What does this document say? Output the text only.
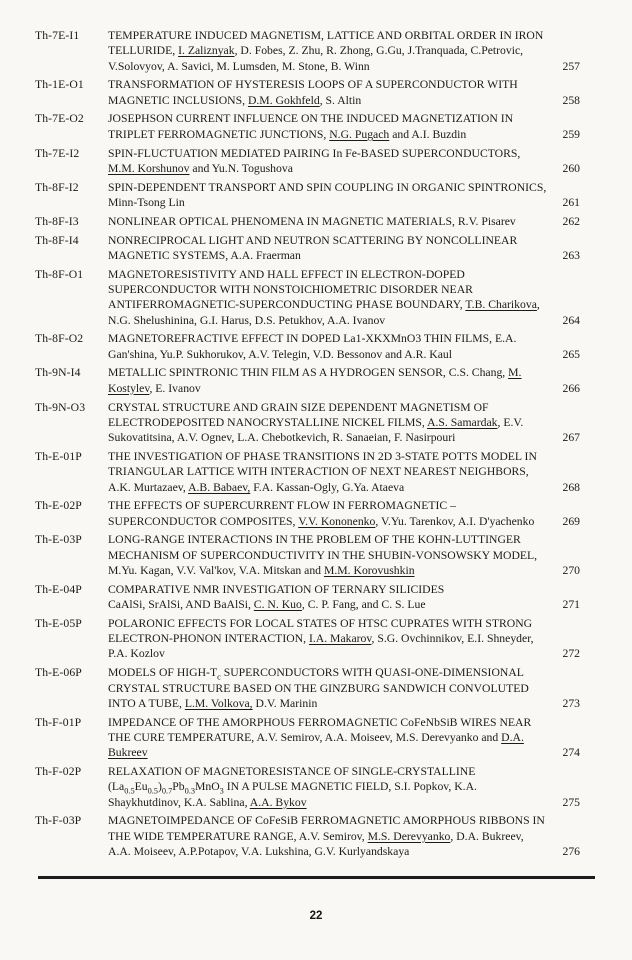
Th-7E-I1	TEMPERATURE INDUCED MAGNETISM, LATTICE AND ORBITAL ORDER IN IRON
TELLURIDE, I. Zaliznyak, D. Fobes, Z. Zhu, R. Zhong, G.Gu, J.Tranquada, C.Petrovic,
V.Solovyov, A. Savici, M. Lumsden, M. Stone, B. Winn	257
Th-1E-O1	TRANSFORMATION OF HYSTERESIS LOOPS OF A SUPERCONDUCTOR WITH
MAGNETIC INCLUSIONS, D.M. Gokhfeld, S. Altin	258
Th-7E-O2	JOSEPHSON CURRENT INFLUENCE ON THE INDUCED MAGNETIZATION IN
TRIPLET FERROMAGNETIC JUNCTIONS, N.G. Pugach and A.I. Buzdin	259
Th-7E-I2	SPIN-FLUCTUATION MEDIATED PAIRING In Fe-BASED SUPERCONDUCTORS,
M.M. Korshunov and Yu.N. Togushova	260
Th-8F-I2	SPIN-DEPENDENT TRANSPORT AND SPIN COUPLING IN ORGANIC SPINTRONICS,
Minn-Tsong Lin	261
Th-8F-I3	NONLINEAR OPTICAL PHENOMENA IN MAGNETIC MATERIALS, R.V. Pisarev	262
Th-8F-I4	NONRECIPROCAL LIGHT AND NEUTRON SCATTERING BY NONCOLLINEAR
MAGNETIC SYSTEMS, A.A. Fraerman	263
Th-8F-O1	MAGNETORESISTIVITY AND HALL EFFECT IN ELECTRON-DOPED
SUPERCONDUCTOR WITH NONSTOICHIOMETRIC DISORDER NEAR
ANTIFERROMAGNETIC-SUPERCONDUCTING PHASE BOUNDARY, T.B. Charikova,
N.G. Shelushinina, G.I. Harus, D.S. Petukhov, A.A. Ivanov	264
Th-8F-O2	MAGNETOREFRACTIVE EFFECT IN DOPED La1-XKXMnO3 THIN FILMS, E.A.
Gan'shina, Yu.P. Sukhorukov, A.V. Telegin, V.D. Bessonov and A.R. Kaul	265
Th-9N-I4	METALLIC SPINTRONIC THIN FILM AS A HYDROGEN SENSOR, C.S. Chang, M.
Kostylev, E. Ivanov	266
Th-9N-O3	CRYSTAL STRUCTURE AND GRAIN SIZE DEPENDENT MAGNETISM OF
ELECTRODEPOSITED NANOCRYSTALLINE NICKEL FILMS, A.S. Samardak, E.V.
Sukovatitsina, A.V. Ognev, L.A. Chebotkevich, R. Sanaeian, F. Nasirpouri	267
Th-E-01P	THE INVESTIGATION OF PHASE TRANSITIONS IN 2D 3-STATE POTTS MODEL IN
TRIANGULAR LATTICE WITH INTERACTION OF NEXT NEAREST NEIGHBORS,
A.K. Murtazaev, A.B. Babaev, F.A. Kassan-Ogly, G.Ya. Ataeva	268
Th-E-02P	THE EFFECTS OF SUPERCURRENT FLOW IN FERROMAGNETIC –
SUPERCONDUCTOR COMPOSITES, V.V. Kononenko, V.Yu. Tarenkov, A.I. D'yachenko	269
Th-E-03P	LONG-RANGE INTERACTIONS IN THE PROBLEM OF THE KOHN-LUTTINGER
MECHANISM OF SUPERCONDUCTIVITY IN THE SHUBIN-VONSOWSKY MODEL,
M.Yu. Kagan, V.V. Val'kov, V.A. Mitskan and M.M. Korovushkin	270
Th-E-04P	COMPARATIVE NMR INVESTIGATION OF TERNARY SILICIDES
CaAlSi, SrAlSi, AND BaAlSi, C. N. Kuo, C. P. Fang, and C. S. Lue	271
Th-E-05P	POLARONIC EFFECTS FOR LOCAL STATES OF HTSC CUPRATES WITH STRONG
ELECTRON-PHONON INTERACTION, I.A. Makarov, S.G. Ovchinnikov, E.I. Shneyder,
P.A. Kozlov	272
Th-E-06P	MODELS OF HIGH-$T_c$ SUPERCONDUCTORS WITH QUASI-ONE-DIMENSIONAL
CRYSTAL STRUCTURE BASED ON THE GINZBURG SANDWICH CONVOLUTED
INTO A TUBE, L.M. Volkova, D.V. Marinin	273
Th-F-01P	IMPEDANCE OF THE AMORPHOUS FERROMAGNETIC CoFeNbSiB WIRES NEAR
THE CURE TEMPERATURE, A.V. Semirov, A.A. Moiseev, M.S. Derevyanko and D.A.
Bukreev	274
Th-F-02P	RELAXATION OF MAGNETORESISTANCE OF SINGLE-CRYSTALLINE
$(La_{0.5}Eu_{0.5})_{0.7}Pb_{0.3}MnO_3$ IN A PULSE MAGNETIC FIELD, S.I. Popkov, K.A.
Shaykhutdinov, K.A. Sablina, A.A. Bykov	275
Th-F-03P	MAGNETOIMPEDANCE OF CoFeSiB FERROMAGNETIC AMORPHOUS RIBBONS IN
THE WIDE TEMPERATURE RANGE, A.V. Semirov, M.S. Derevyanko, D.A. Bukreev,
A.A. Moiseev, A.P.Potapov, V.A. Lukshina, G.V. Kurlyandskaya	276
22
